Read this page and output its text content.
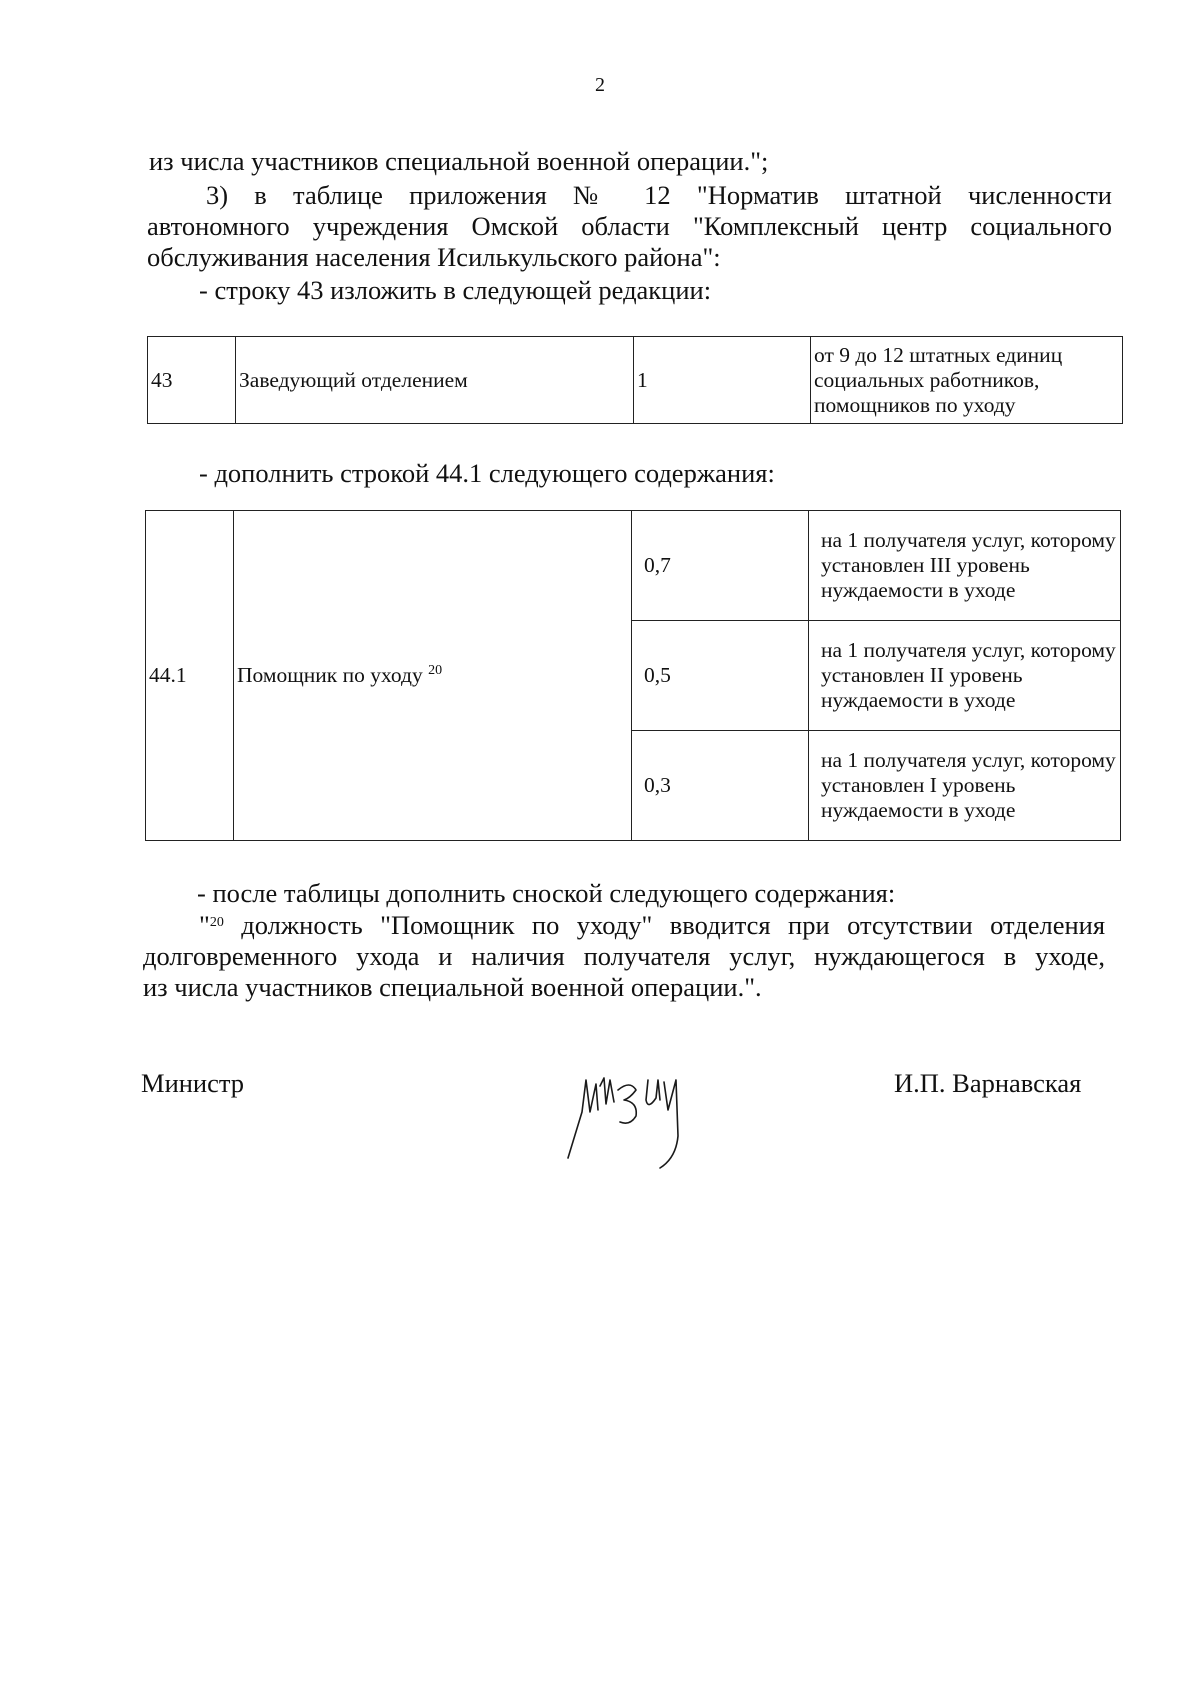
2

из числа участников специальной военной операции.";

3) в таблице приложения № 12 "Норматив штатной численности

автономного учреждения Омской области "Комплексный центр социального

обслуживания населения Исилькульского района":

- строку 43 изложить в следующей редакции:

43	Заведующий отделением	1	от 9 до 12 штатных единиц социальных работников, помощников по уходу

- дополнить строкой 44.1 следующего содержания:

44.1	Помощник по уходу $^{20}$	0,7	на 1 получателя услуг, которому установлен III уровень нуждаемости в уходе
		0,5	на 1 получателя услуг, которому установлен II уровень нуждаемости в уходе
		0,3	на 1 получателя услуг, которому установлен I уровень нуждаемости в уходе

- после таблицы дополнить сноской следующего содержания:

"$^{20}$ должность "Помощник по уходу" вводится при отсутствии отделения

долговременного ухода и наличия получателя услуг, нуждающегося в уходе,

из числа участников специальной военной операции.".

Министр	И.П. Варнавская
